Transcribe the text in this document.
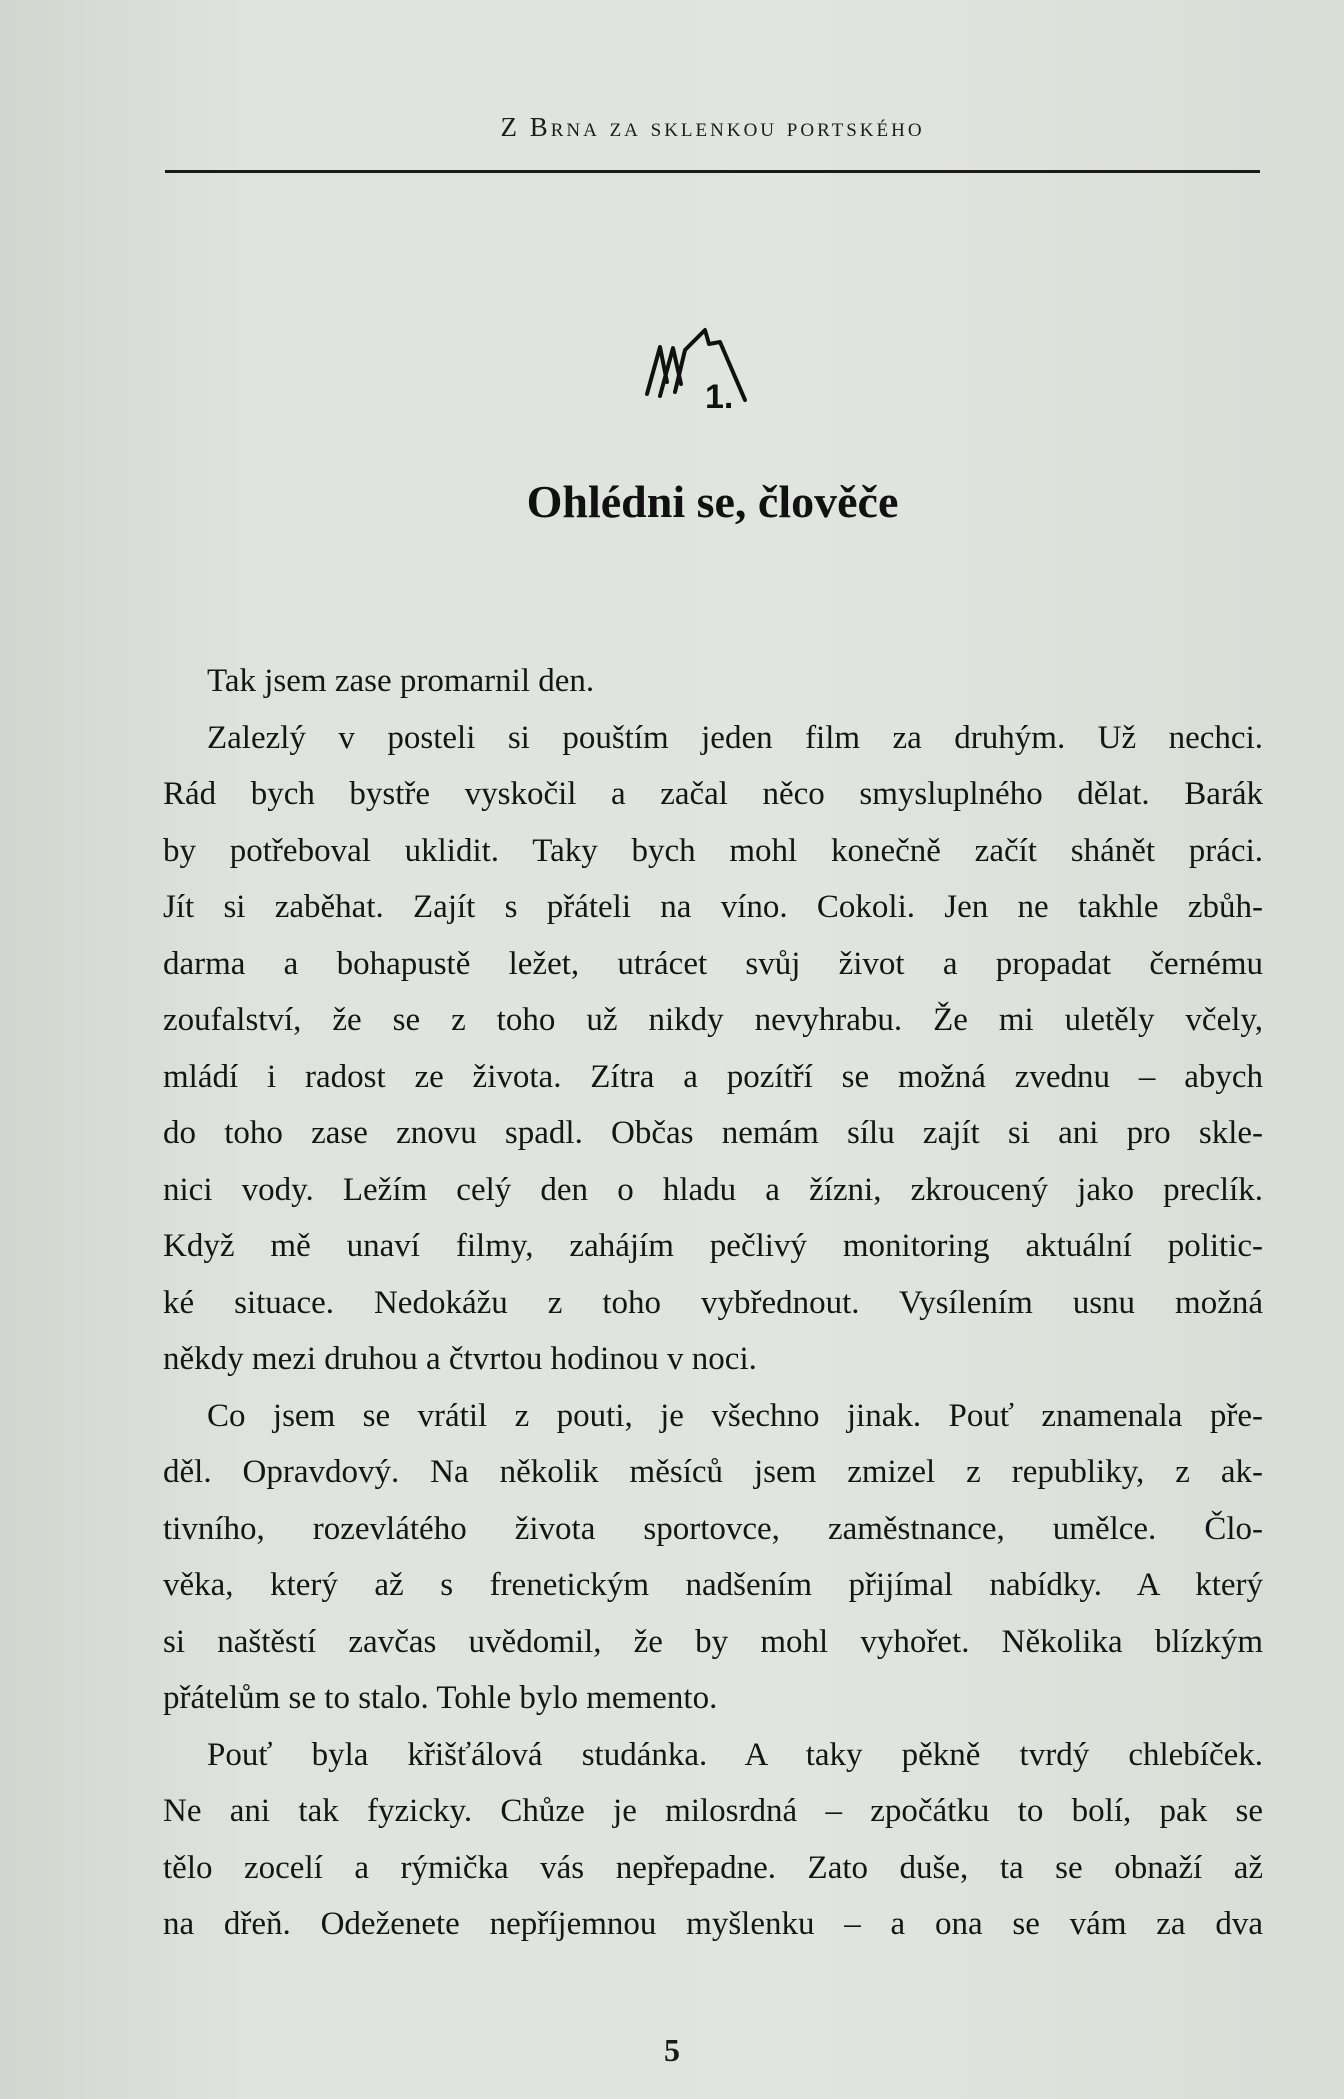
Z Brna za sklenkou portského
1.
Ohlédni se, člověče
Tak jsem zase promarnil den.
Zalezlý v posteli si pouštím jeden film za druhým. Už nechci.
Rád bych bystře vyskočil a začal něco smysluplného dělat. Barák
by potřeboval uklidit. Taky bych mohl konečně začít shánět práci.
Jít si zaběhat. Zajít s přáteli na víno. Cokoli. Jen ne takhle zbůh-
darma a bohapustě ležet, utrácet svůj život a propadat černému
zoufalství, že se z toho už nikdy nevyhrabu. Že mi uletěly včely,
mládí i radost ze života. Zítra a pozítří se možná zvednu – abych
do toho zase znovu spadl. Občas nemám sílu zajít si ani pro skle-
nici vody. Ležím celý den o hladu a žízni, zkroucený jako preclík.
Když mě unaví filmy, zahájím pečlivý monitoring aktuální politic-
ké situace. Nedokážu z toho vybřednout. Vysílením usnu možná
někdy mezi druhou a čtvrtou hodinou v noci.
Co jsem se vrátil z pouti, je všechno jinak. Pouť znamenala pře-
děl. Opravdový. Na několik měsíců jsem zmizel z republiky, z ak-
tivního, rozevlátého života sportovce, zaměstnance, umělce. Člo-
věka, který až s frenetickým nadšením přijímal nabídky. A který
si naštěstí zavčas uvědomil, že by mohl vyhořet. Několika blízkým
přátelům se to stalo. Tohle bylo memento.
Pouť byla křišťálová studánka. A taky pěkně tvrdý chlebíček.
Ne ani tak fyzicky. Chůze je milosrdná – zpočátku to bolí, pak se
tělo zocelí a rýmička vás nepřepadne. Zato duše, ta se obnaží až
na dřeň. Odeženete nepříjemnou myšlenku – a ona se vám za dva
5
